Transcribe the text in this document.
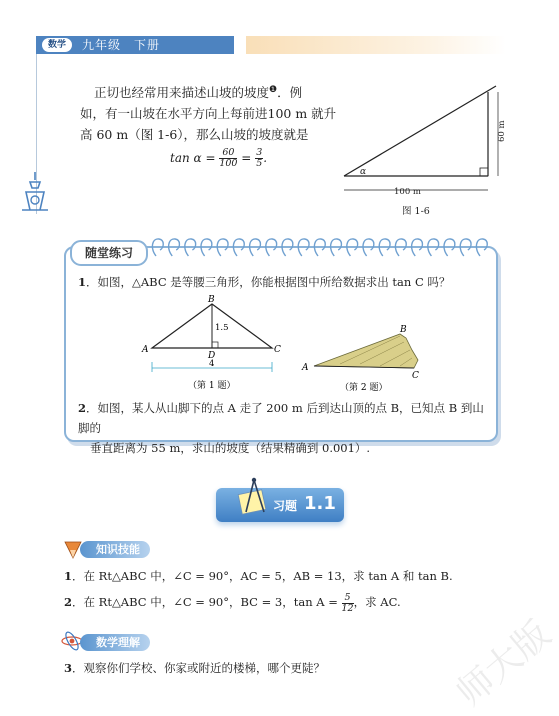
数学	九年级　下册
正切也经常用来描述山坡的坡度$^❶$．例
如，有一山坡在水平方向上每前进100 m 就升
高 60 m（图 1-6），那么山坡的坡度就是
$\tan \alpha = \frac{60}{100} = \frac{3}{5}$ .
100 m
60 m
α
图 1-6
随堂练习
1．如图，△ABC 是等腰三角形，你能根据图中所给数据求出 tan C 吗？
B
A	C
D
1.5
4
（第 1 题）
B
A
C
（第 2 题）
2．如图，某人从山脚下的点 A 走了 200 m 后到达山顶的点 B，已知点 B 到山脚的
垂直距离为 55 m，求山的坡度（结果精确到 0.001）.
习题 1.1
知识技能
1．在 Rt△ABC 中，∠C = 90°，AC = 5，AB = 13，求 tan A 和 tan B.
2．在 Rt△ABC 中，∠C = 90°，BC = 3，$\tan A = \frac{5}{12}$ ，求 AC.
数学理解
3．观察你们学校、你家或附近的楼梯，哪个更陡？	师大版
